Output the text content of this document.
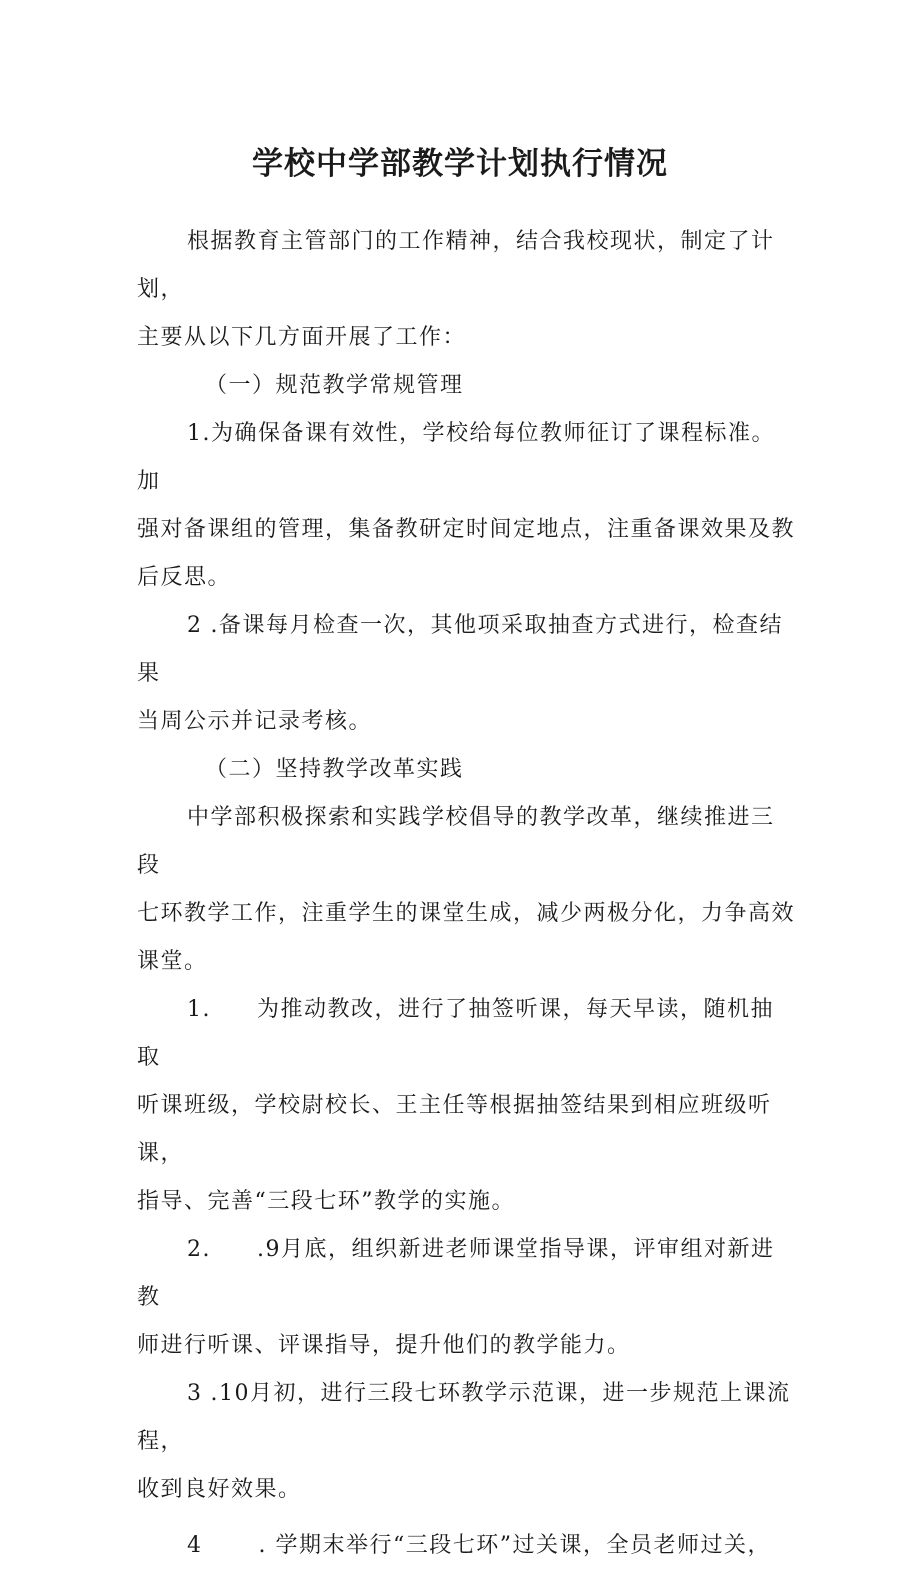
学校中学部教学计划执行情况

根据教育主管部门的工作精神，结合我校现状，制定了计划，

主要从以下几方面开展了工作：

（一）规范教学常规管理

1.为确保备课有效性，学校给每位教师征订了课程标准。加

强对备课组的管理，集备教研定时间定地点，注重备课效果及教

后反思。

2 .备课每月检查一次，其他项采取抽查方式进行，检查结果

当周公示并记录考核。

（二）坚持教学改革实践

中学部积极探索和实践学校倡导的教学改革，继续推进三段

七环教学工作，注重学生的课堂生成，减少两极分化，力争高效

课堂。

1. 为推动教改，进行了抽签听课，每天早读，随机抽取

听课班级，学校尉校长、王主任等根据抽签结果到相应班级听课，

指导、完善“三段七环”教学的实施。

2. .9月底，组织新进老师课堂指导课，评审组对新进教

师进行听课、评课指导，提升他们的教学能力。

3 .10月初，进行三段七环教学示范课，进一步规范上课流程，

收到良好效果。

4	. 学期末举行“三段七环”过关课，全员老师过关，
